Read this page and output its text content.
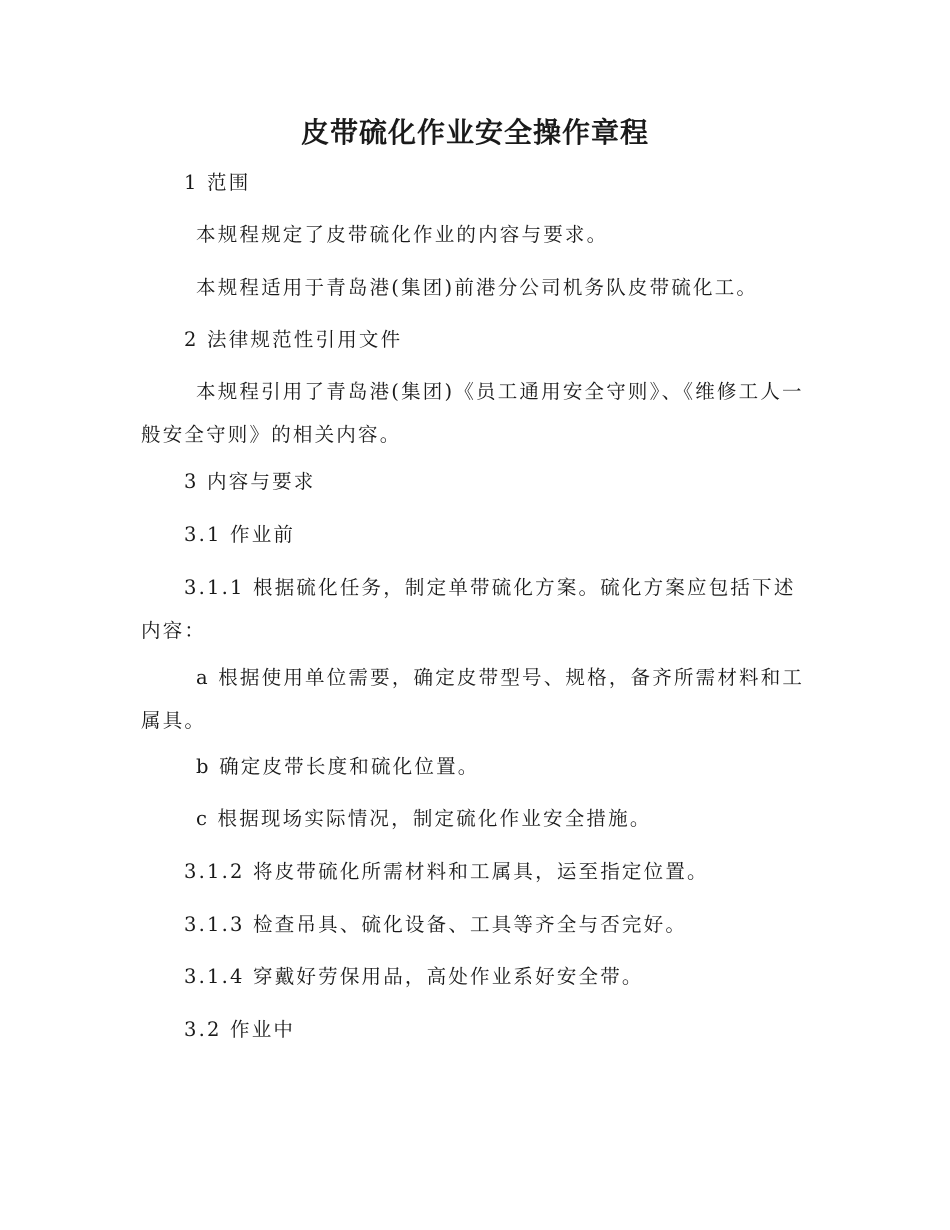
皮带硫化作业安全操作章程

1 范围

本规程规定了皮带硫化作业的内容与要求。

本规程适用于青岛港(集团)前港分公司机务队皮带硫化工。

2 法律规范性引用文件

本规程引用了青岛港(集团)《员工通用安全守则》、《维修工人一般安全守则》的相关内容。

3 内容与要求

3.1 作业前

3.1.1 根据硫化任务，制定单带硫化方案。硫化方案应包括下述内容：

a 根据使用单位需要，确定皮带型号、规格，备齐所需材料和工属具。

b 确定皮带长度和硫化位置。

c 根据现场实际情况，制定硫化作业安全措施。

3.1.2 将皮带硫化所需材料和工属具，运至指定位置。

3.1.3 检查吊具、硫化设备、工具等齐全与否完好。

3.1.4 穿戴好劳保用品，高处作业系好安全带。

3.2 作业中
